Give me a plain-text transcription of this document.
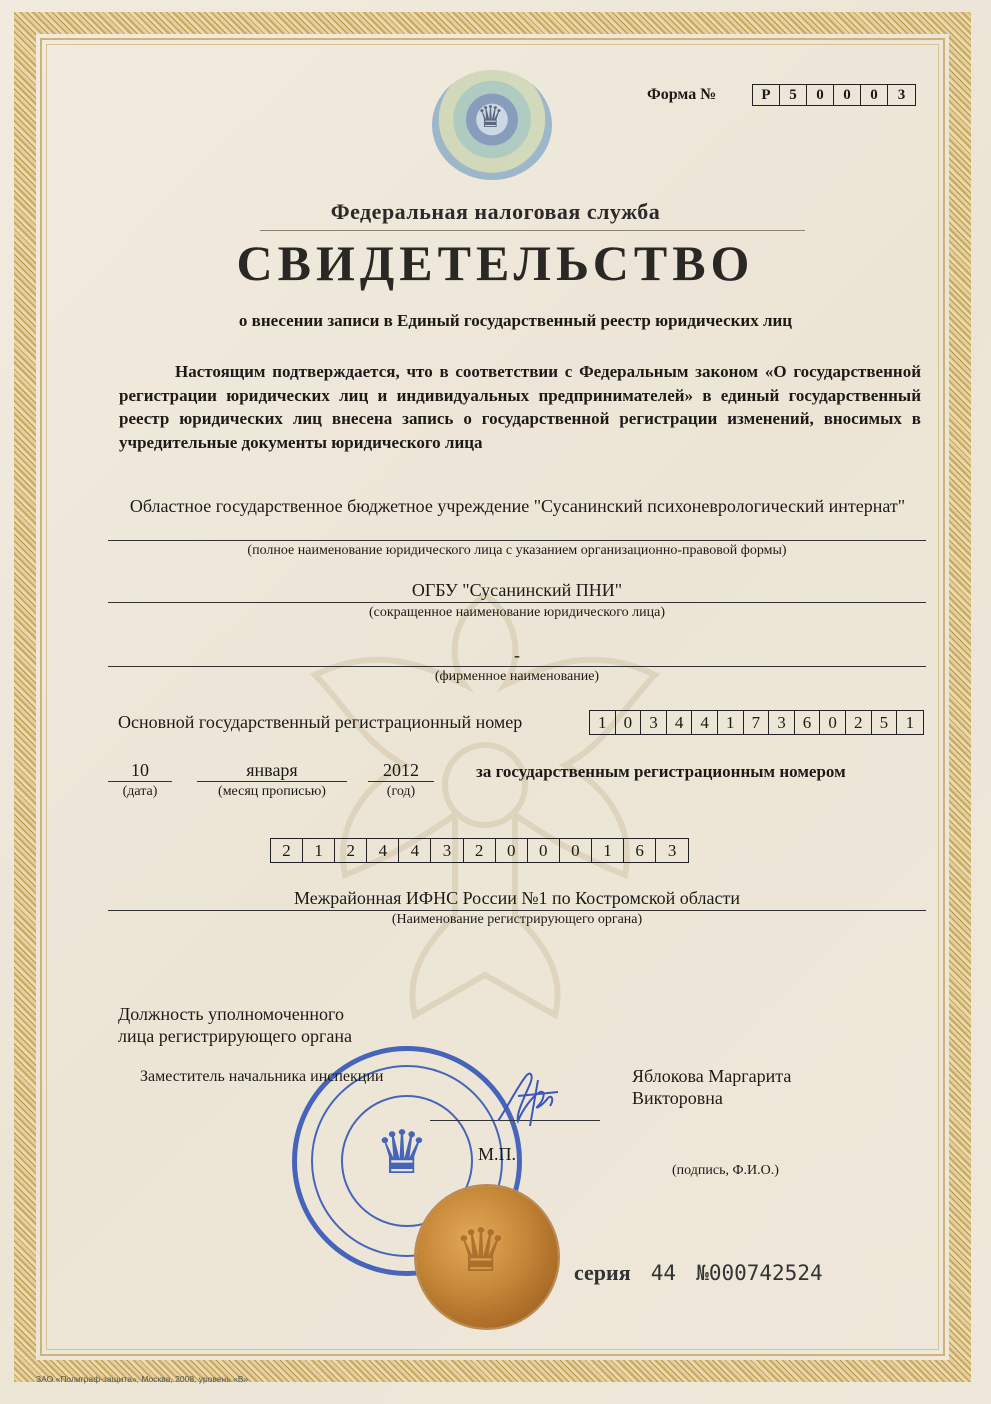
♛
Форма №	Р	5	0	0	0	3
Федеральная налоговая служба
СВИДЕТЕЛЬСТВО
о внесении записи в Единый государственный реестр юридических лиц

Настоящим подтверждается, что в соответствии с Федеральным законом «О государственной регистрации юридических лиц и индивидуальных предпринимателей» в единый государственный реестр юридических лиц внесена запись о государственной регистрации изменений, вносимых в учредительные документы юридического лица

Областное государственное бюджетное учреждение "Сусанинский психоневрологический интернат"
(полное наименование юридического лица с указанием организационно-правовой формы)
ОГБУ "Сусанинский ПНИ"
(сокращенное наименование юридического лица)
-
(фирменное наименование)
Основной государственный регистрационный номер	1	0	3	4	4	1	7	3	6	0	2	5	1
10
(дата)
января
(месяц прописью)
2012
(год)
за государственным регистрационным номером
2	1	2	4	4	3	2	0	0	0	1	6	3
Межрайонная ИФНС России №1 по Костромской области
(Наименование регистрирующего органа)
Должность уполномоченного
лица регистрирующего органа
♛
Заместитель начальника инспекции	Яблокова Маргарита
Викторовна
М.П.
(подпись, Ф.И.О.)
♛	серия 44 №000742524
ЗАО «Полиграф-защита», Москва, 2008, уровень «В»
